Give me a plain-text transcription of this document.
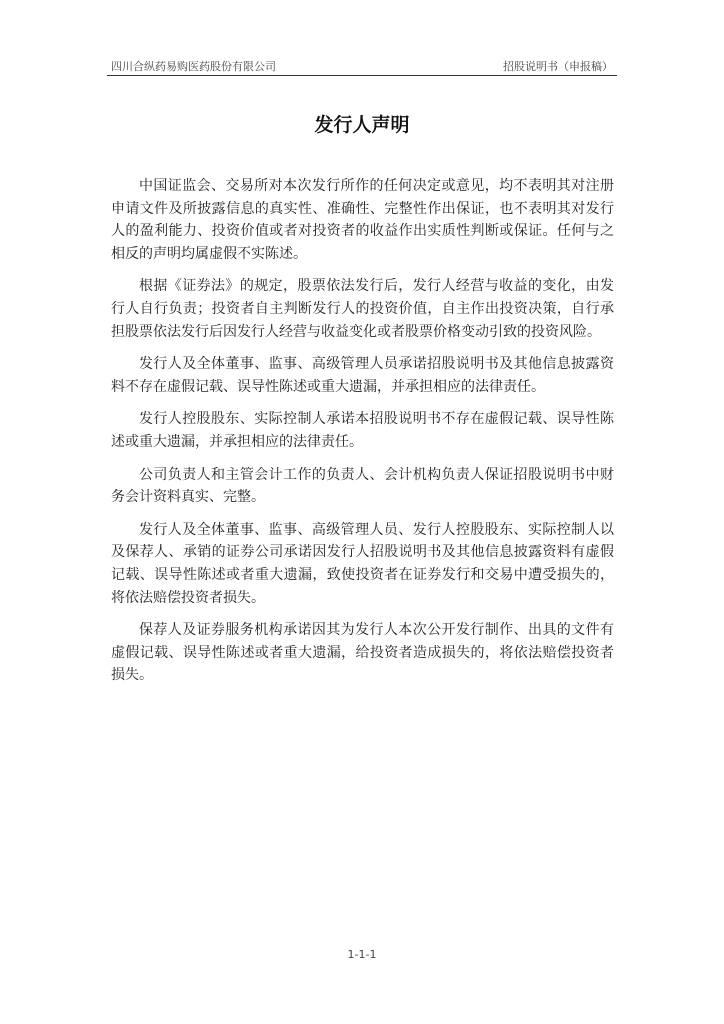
四川合纵药易购医药股份有限公司	招股说明书（申报稿）
发行人声明

中国证监会、交易所对本次发行所作的任何决定或意见，均不表明其对注册申请文件及所披露信息的真实性、准确性、完整性作出保证，也不表明其对发行人的盈利能力、投资价值或者对投资者的收益作出实质性判断或保证。任何与之相反的声明均属虚假不实陈述。

根据《证券法》的规定，股票依法发行后，发行人经营与收益的变化，由发行人自行负责；投资者自主判断发行人的投资价值，自主作出投资决策，自行承担股票依法发行后因发行人经营与收益变化或者股票价格变动引致的投资风险。

发行人及全体董事、监事、高级管理人员承诺招股说明书及其他信息披露资料不存在虚假记载、误导性陈述或重大遗漏，并承担相应的法律责任。

发行人控股股东、实际控制人承诺本招股说明书不存在虚假记载、误导性陈述或重大遗漏，并承担相应的法律责任。

公司负责人和主管会计工作的负责人、会计机构负责人保证招股说明书中财务会计资料真实、完整。

发行人及全体董事、监事、高级管理人员、发行人控股股东、实际控制人以及保荐人、承销的证券公司承诺因发行人招股说明书及其他信息披露资料有虚假记载、误导性陈述或者重大遗漏，致使投资者在证券发行和交易中遭受损失的，将依法赔偿投资者损失。

保荐人及证券服务机构承诺因其为发行人本次公开发行制作、出具的文件有虚假记载、误导性陈述或者重大遗漏，给投资者造成损失的，将依法赔偿投资者损失。

1-1-1
